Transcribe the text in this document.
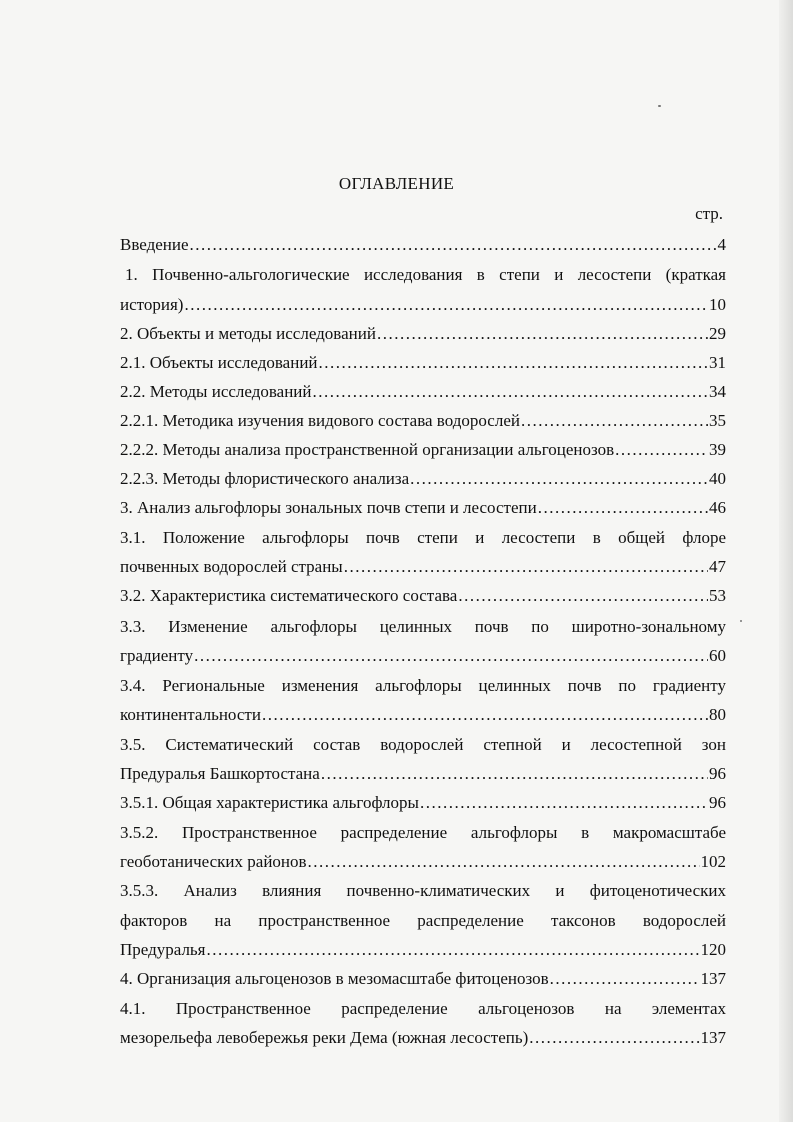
ОГЛАВЛЕНИЕ
стр.
Введение .....	4
1. Почвенно-альгологические исследования в степи и лесостепи (краткая
история) .....	10
2. Объекты и методы исследований .....	29
2.1. Объекты исследований .....	31
2.2. Методы исследований .....	34
2.2.1. Методика изучения видового состава водорослей .....	35
2.2.2. Методы анализа пространственной организации альгоценозов .....	39
2.2.3. Методы флористического анализа .....	40
3. Анализ альгофлоры зональных почв степи и лесостепи .....	46
3.1. Положение альгофлоры почв степи и лесостепи в общей флоре
почвенных водорослей страны .....	47
3.2. Характеристика систематического состава .....	53
3.3. Изменение альгофлоры целинных почв по широтно-зональному
градиенту .....	60
3.4. Региональные изменения альгофлоры целинных почв по градиенту
континентальности .....	80
3.5. Систематический состав водорослей степной и лесостепной зон
Предуралья Башкортостана .....	96
3.5.1. Общая характеристика альгофлоры .....	96
3.5.2. Пространственное распределение альгофлоры в макромасштабе
геоботанических районов .....	102
3.5.3. Анализ влияния почвенно-климатических и фитоценотических
факторов на пространственное распределение таксонов водорослей
Предуралья .....	120
4. Организация альгоценозов в мезомасштабе фитоценозов .....	137
4.1. Пространственное распределение альгоценозов на элементах
мезорельефа левобережья реки Дема (южная лесостепь) .....	137
